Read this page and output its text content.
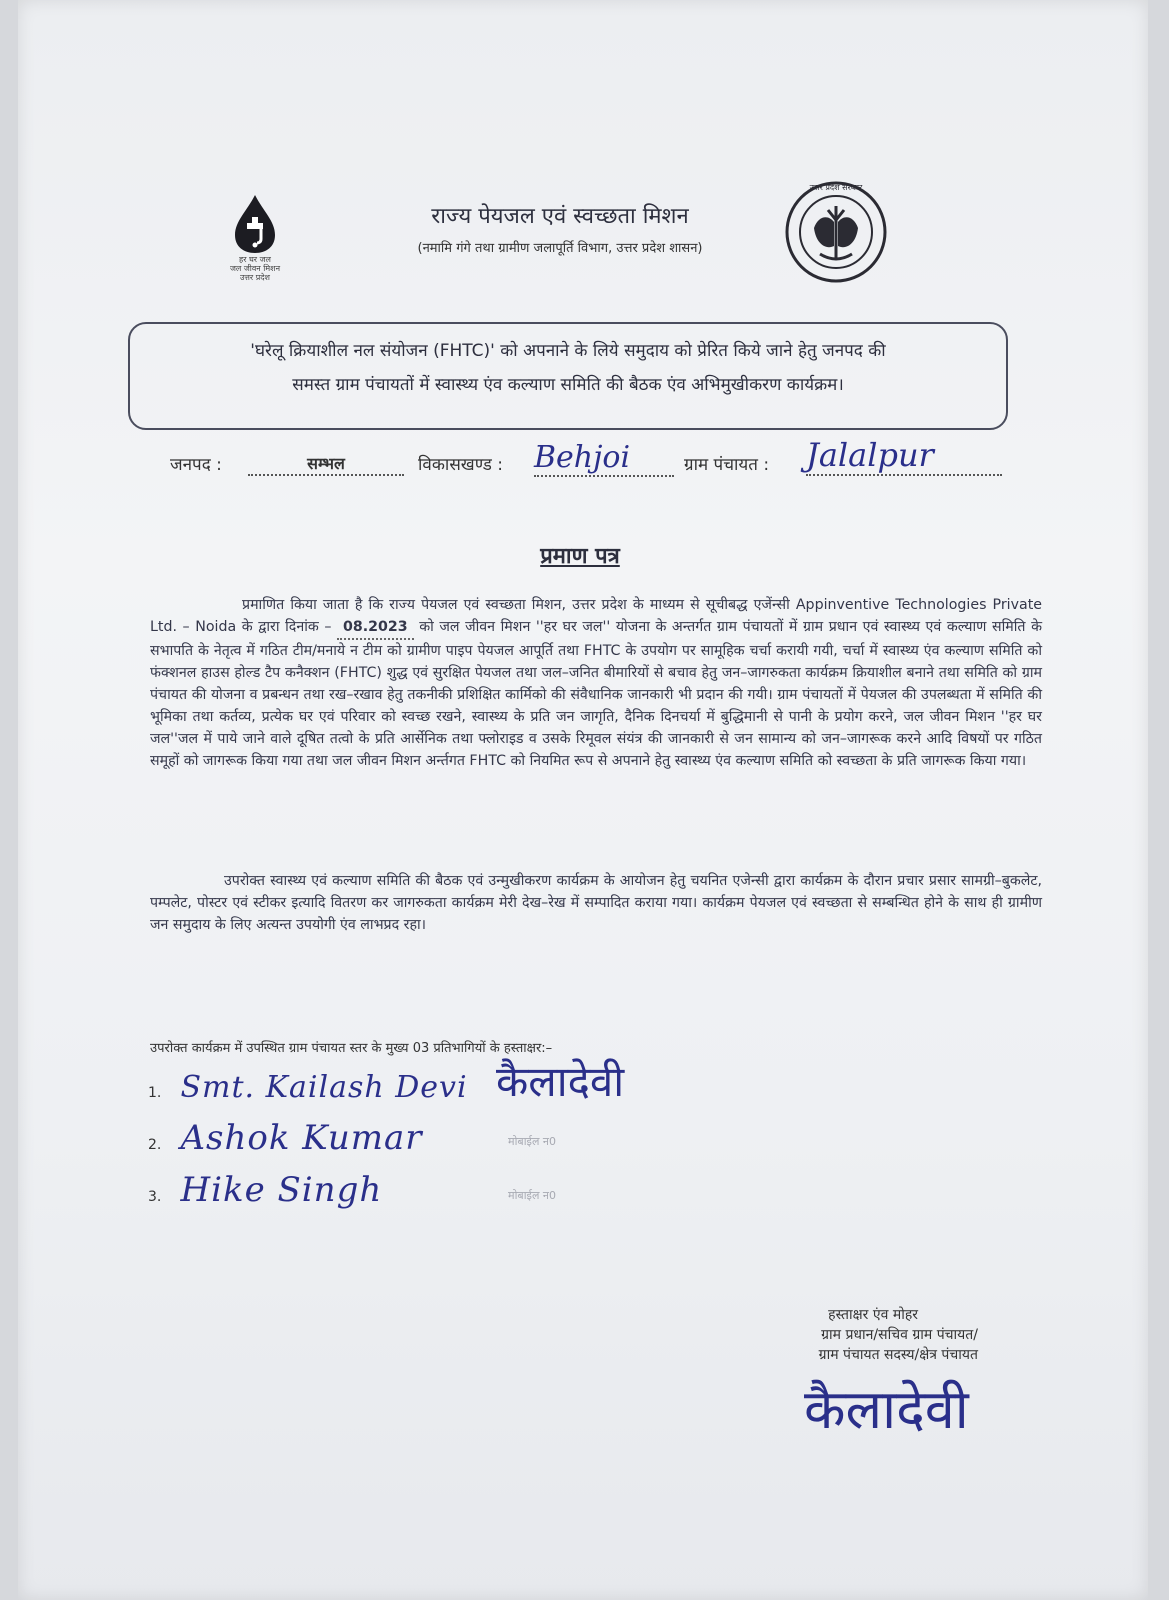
हर घर जल
जल जीवन मिशन
उत्तर प्रदेश
राज्य पेयजल एवं स्वच्छता मिशन
(नमामि गंगे तथा ग्रामीण जलापूर्ति विभाग, उत्तर प्रदेश शासन)
उत्तर प्रदेश सरकार
'घरेलू क्रियाशील नल संयोजन (FHTC)' को अपनाने के लिये समुदाय को प्रेरित किये जाने हेतु जनपद की
समस्त ग्राम पंचायतों में स्वास्थ्य एंव कल्याण समिति की बैठक एंव अभिमुखीकरण कार्यक्रम।
जनपद :	सम्भल	विकासखण्ड : Behjoi	ग्राम पंचायत : Jalalpur
प्रमाण पत्र
प्रमाणित किया जाता है कि राज्य पेयजल एवं स्वच्छता मिशन, उत्तर प्रदेश के माध्यम से सूचीबद्ध एजेंन्सी Appinventive Technologies Private Ltd. – Noida के द्वारा दिनांक – 08.2023 को जल जीवन मिशन ''हर घर जल'' योजना के अन्तर्गत ग्राम पंचायतों में ग्राम प्रधान एवं स्वास्थ्य एवं कल्याण समिति के सभापति के नेतृत्व में गठित टीम/मनाये न टीम को ग्रामीण पाइप पेयजल आपूर्ति तथा FHTC के उपयोग पर सामूहिक चर्चा करायी गयी, चर्चा में स्वास्थ्य एंव कल्याण समिति को फंक्शनल हाउस होल्ड टैप कनैक्शन (FHTC) शुद्ध एवं सुरक्षित पेयजल तथा जल–जनित बीमारियों से बचाव हेतु जन–जागरुकता कार्यक्रम क्रियाशील बनाने तथा समिति को ग्राम पंचायत की योजना व प्रबन्धन तथा रख–रखाव हेतु तकनीकी प्रशिक्षित कार्मिको की संवैधानिक जानकारी भी प्रदान की गयी। ग्राम पंचायतों में पेयजल की उपलब्धता में समिति की भूमिका तथा कर्तव्य, प्रत्येक घर एवं परिवार को स्वच्छ रखने, स्वास्थ्य के प्रति जन जागृति, दैनिक दिनचर्या में बुद्धिमानी से पानी के प्रयोग करने, जल जीवन मिशन ''हर घर जल''जल में पाये जाने वाले दूषित तत्वो के प्रति आर्सेनिक तथा फ्लोराइड व उसके रिमूवल संयंत्र की जानकारी से जन सामान्य को जन–जागरूक करने आदि विषयों पर गठित समूहों को जागरूक किया गया तथा जल जीवन मिशन अर्न्तगत FHTC को नियमित रूप से अपनाने हेतु स्वास्थ्य एंव कल्याण समिति को स्वच्छता के प्रति जागरूक किया गया।
उपरोक्त स्वास्थ्य एवं कल्याण समिति की बैठक एवं उन्मुखीकरण कार्यक्रम के आयोजन हेतु चयनित एजेन्सी द्वारा कार्यक्रम के दौरान प्रचार प्रसार सामग्री–बुकलेट, पम्पलेट, पोस्टर एवं स्टीकर इत्यादि वितरण कर जागरुकता कार्यक्रम मेरी देख–रेख में सम्पादित कराया गया। कार्यक्रम पेयजल एवं स्वच्छता से सम्बन्धित होने के साथ ही ग्रामीण जन समुदाय के लिए अत्यन्त उपयोगी एंव लाभप्रद रहा।
उपरोक्त कार्यक्रम में उपस्थित ग्राम पंचायत स्तर के मुख्य 03 प्रतिभागियों के हस्ताक्षर:–
1. Smt. Kailash Devi कैलादेवी
2. Ashok Kumar	मोबाईल न0
3. Hike Singh	मोबाईल न0
हस्ताक्षर एंव मोहर
ग्राम प्रधान/सचिव ग्राम पंचायत/
ग्राम पंचायत सदस्य/क्षेत्र पंचायत
कैलादेवी
